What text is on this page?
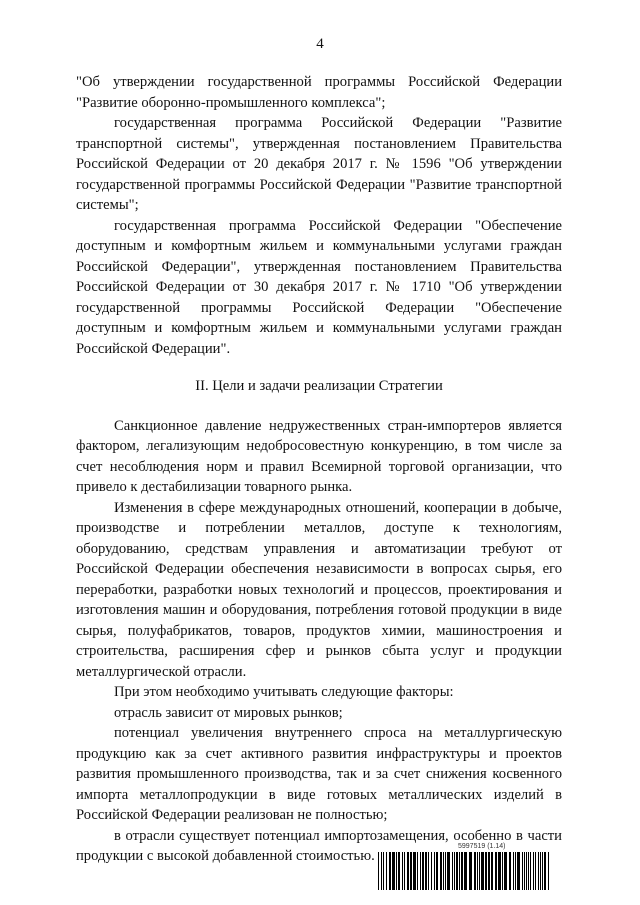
4

"Об утверждении государственной программы Российской Федерации "Развитие оборонно-промышленного комплекса";

государственная программа Российской Федерации "Развитие транспортной системы", утвержденная постановлением Правительства Российской Федерации от 20 декабря 2017 г. № 1596 "Об утверждении государственной программы Российской Федерации "Развитие транспортной системы";

государственная программа Российской Федерации "Обеспечение доступным и комфортным жильем и коммунальными услугами граждан Российской Федерации", утвержденная постановлением Правительства Российской Федерации от 30 декабря 2017 г. № 1710 "Об утверждении государственной программы Российской Федерации "Обеспечение доступным и комфортным жильем и коммунальными услугами граждан Российской Федерации".

II. Цели и задачи реализации Стратегии

Санкционное давление недружественных стран-импортеров является фактором, легализующим недобросовестную конкуренцию, в том числе за счет несоблюдения норм и правил Всемирной торговой организации, что привело к дестабилизации товарного рынка.

Изменения в сфере международных отношений, кооперации в добыче, производстве и потреблении металлов, доступе к технологиям, оборудованию, средствам управления и автоматизации требуют от Российской Федерации обеспечения независимости в вопросах сырья, его переработки, разработки новых технологий и процессов, проектирования и изготовления машин и оборудования, потребления готовой продукции в виде сырья, полуфабрикатов, товаров, продуктов химии, машиностроения и строительства, расширения сфер и рынков сбыта услуг и продукции металлургической отрасли.

При этом необходимо учитывать следующие факторы:

отрасль зависит от мировых рынков;

потенциал увеличения внутреннего спроса на металлургическую продукцию как за счет активного развития инфраструктуры и проектов развития промышленного производства, так и за счет снижения косвенного импорта металлопродукции в виде готовых металлических изделий в Российской Федерации реализован не полностью;

в отрасли существует потенциал импортозамещения, особенно в части продукции с высокой добавленной стоимостью.

5997519 (1.14)
